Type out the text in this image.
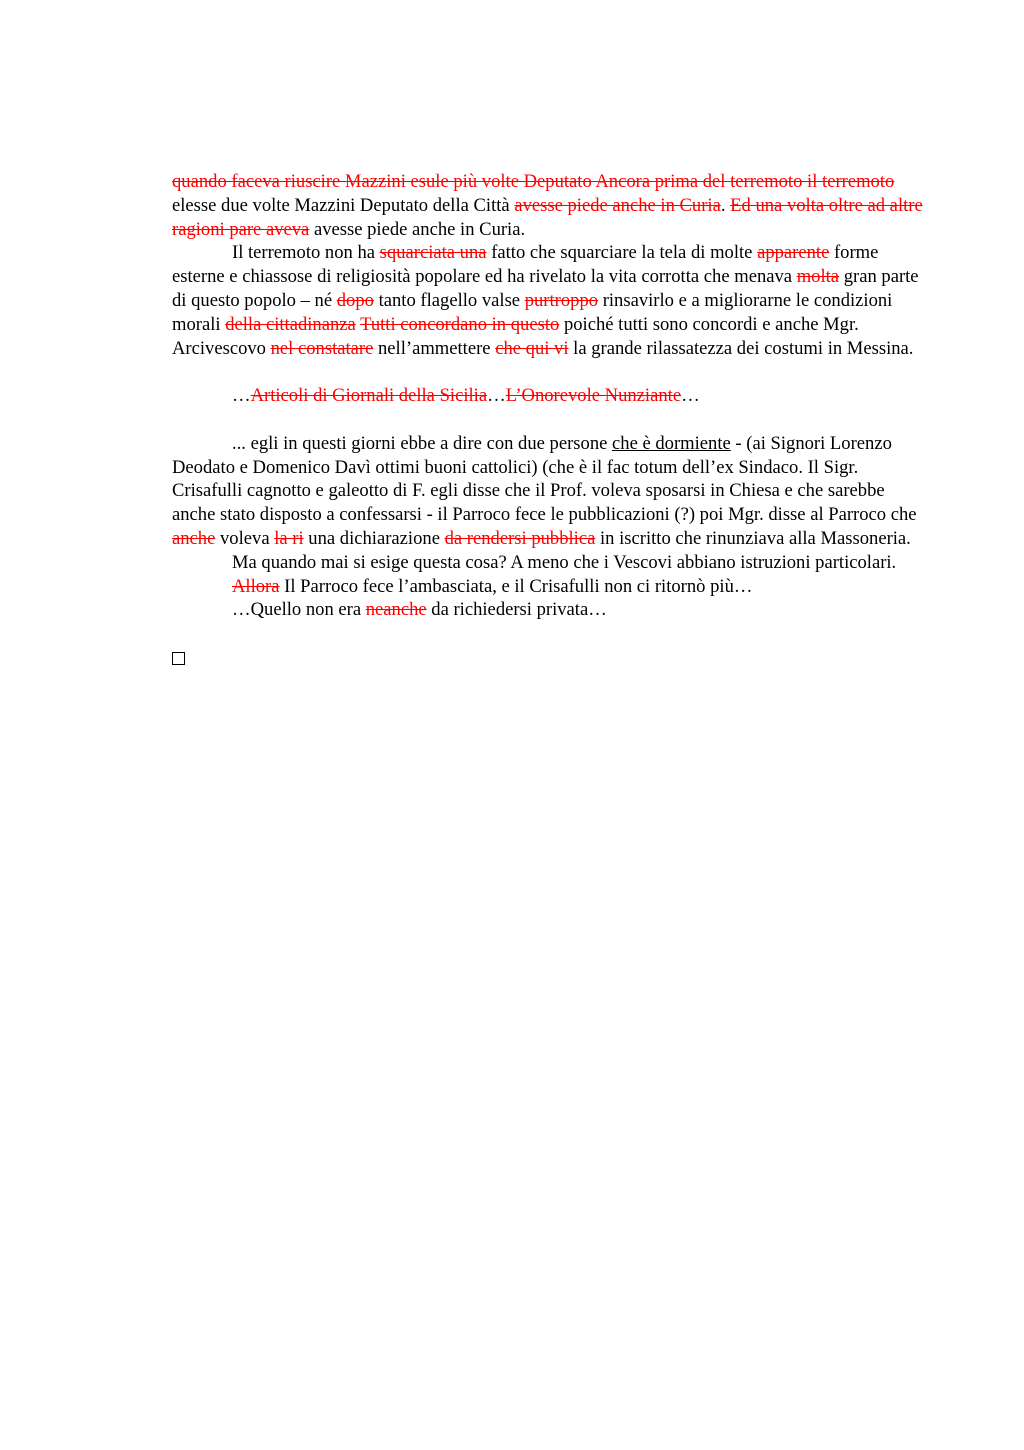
quando faceva riuscire Mazzini esule più volte Deputato Ancora prima del terremoto il terremoto elesse due volte Mazzini Deputato della Città avesse piede anche in Curia. Ed una volta oltre ad altre ragioni pare aveva avesse piede anche in Curia.

Il terremoto non ha squarciata una fatto che squarciare la tela di molte apparente forme esterne e chiassose di religiosità popolare ed ha rivelato la vita corrotta che menava molta gran parte di questo popolo – né dopo tanto flagello valse purtroppo rinsavirlo e a migliorarne le condizioni morali della cittadinanza Tutti concordano in questo poiché tutti sono concordi e anche Mgr. Arcivescovo nel constatare nell’ammettere che qui vi la grande rilassatezza dei costumi in Messina.

…Articoli di Giornali della Sicilia…L’Onorevole Nunziante…

... egli in questi giorni ebbe a dire con due persone che è dormiente - (ai Signori Lorenzo Deodato e Domenico Davì ottimi buoni cattolici) (che è il fac totum dell’ex Sindaco. Il Sigr. Crisafulli cagnotto e galeotto di F. egli disse che il Prof. voleva sposarsi in Chiesa e che sarebbe anche stato disposto a confessarsi - il Parroco fece le pubblicazioni (?) poi Mgr. disse al Parroco che anche voleva la ri una dichiarazione da rendersi pubblica in iscritto che rinunziava alla Massoneria.

Ma quando mai si esige questa cosa? A meno che i Vescovi abbiano istruzioni particolari.

Allora Il Parroco fece l’ambasciata, e il Crisafulli non ci ritornò più…

…Quello non era neanche da richiedersi privata…
